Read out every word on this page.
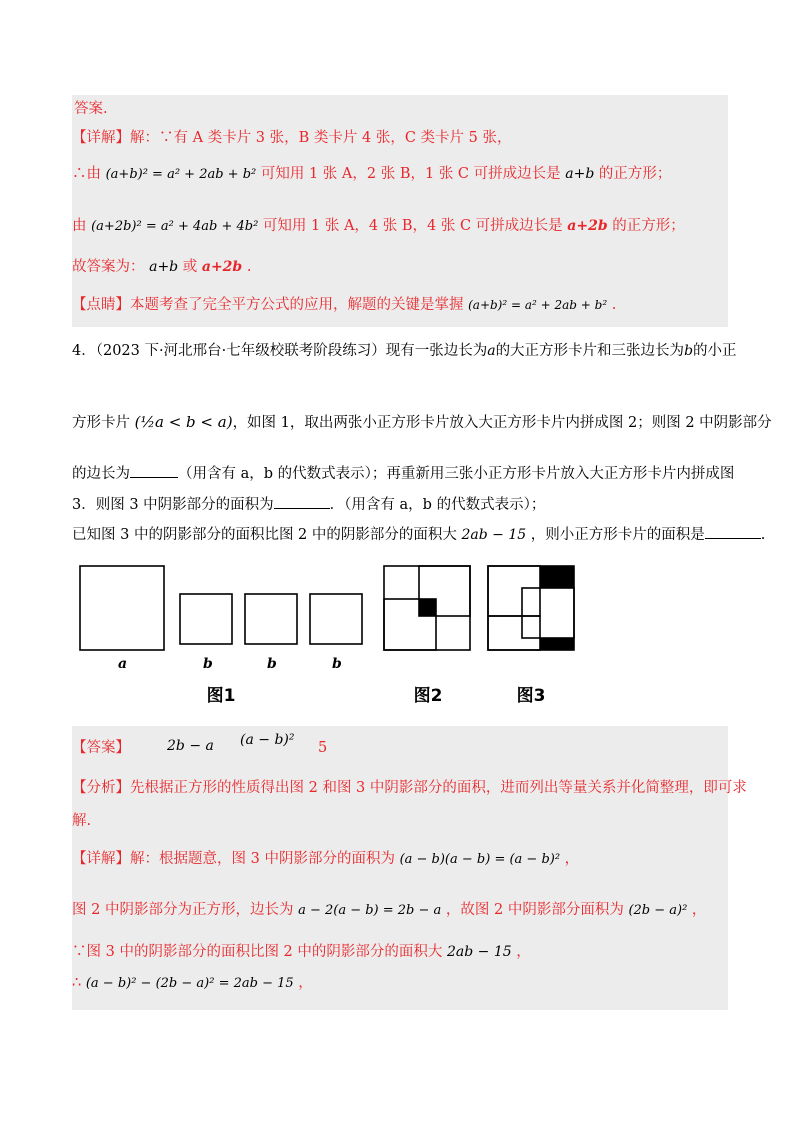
答案.
【详解】解：∵有 A 类卡片 3 张，B 类卡片 4 张，C 类卡片 5 张，
∴由 (a+b)² = a² + 2ab + b² 可知用 1 张 A，2 张 B，1 张 C 可拼成边长是 a+b 的正方形；
由 (a+2b)² = a² + 4ab + 4b² 可知用 1 张 A，4 张 B，4 张 C 可拼成边长是 a+2b 的正方形；
故答案为： a+b 或 a+2b .
【点睛】本题考查了完全平方公式的应用，解题的关键是掌握 (a+b)² = a² + 2ab + b² .
4．（2023 下·河北邢台·七年级校联考阶段练习）现有一张边长为a的大正方形卡片和三张边长为b的小正
方形卡片 (½a < b < a)，如图 1，取出两张小正方形卡片放入大正方形卡片内拼成图 2；则图 2 中阴影部分
的边长为	（用含有 a，b 的代数式表示）；再重新用三张小正方形卡片放入大正方形卡片内拼成图
3．则图 3 中阴影部分的面积为	．（用含有 a，b 的代数式表示）；
已知图 3 中的阴影部分的面积比图 2 中的阴影部分的面积大 2ab − 15 ，则小正方形卡片的面积是	.
a	b	b	b
图1	图2	图3
【答案】	2b − a (a − b)² 5
【分析】先根据正方形的性质得出图 2 和图 3 中阴影部分的面积，进而列出等量关系并化简整理，即可求
解.
【详解】解：根据题意，图 3 中阴影部分的面积为 (a − b)(a − b) = (a − b)² ，
图 2 中阴影部分为正方形，边长为 a − 2(a − b) = 2b − a ，故图 2 中阴影部分面积为 (2b − a)² ，
∵图 3 中的阴影部分的面积比图 2 中的阴影部分的面积大 2ab − 15 ，
∴ (a − b)² − (2b − a)² = 2ab − 15 ，
